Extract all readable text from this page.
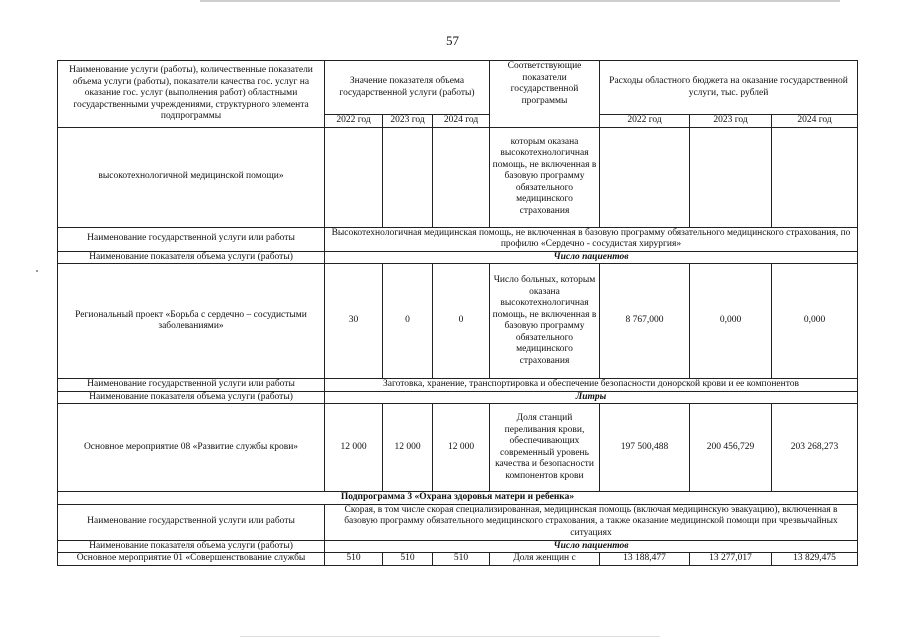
57
Наименование услуги (работы), количественные показатели объема услуги (работы), показатели качества гос. услуг на оказание гос. услуг (выполнения работ) областными государственными учреждениями, структурного элемента подпрограммы	Значение показателя объема государственной услуги (работы)			Соответствующие показатели государственной программы	Расходы областного бюджета на оказание государственной услуги, тыс. рублей		
	2022 год	2023 год	2024 год		2022 год	2023 год	2024 год
высокотехнологичной медицинской помощи»				которым оказана высокотехнологичная помощь, не включенная в базовую программу обязательного медицинского страхования			
Наименование государственной услуги или работы	Высокотехнологичная медицинская помощь, не включенная в базовую программу обязательного медицинского страхования, по профилю «Сердечно - сосудистая хирургия»						
Наименование показателя объема услуги (работы)	Число пациентов						
Региональный проект «Борьба с сердечно – сосудистыми заболеваниями»	30	0	0	Число больных, которым оказана высокотехнологичная помощь, не включенная в базовую программу обязательного медицинского страхования	8 767,000	0,000	0,000
Наименование государственной услуги или работы	Заготовка, хранение, транспортировка и обеспечение безопасности донорской крови и ее компонентов						
Наименование показателя объема услуги (работы)	Литры						
Основное мероприятие 08 «Развитие службы крови»	12 000	12 000	12 000	Доля станций переливания крови, обеспечивающих современный уровень качества и безопасности компонентов крови	197 500,488	200 456,729	203 268,273
Подпрограмма 3 «Охрана здоровья матери и ребенка»							
Наименование государственной услуги или работы	Скорая, в том числе скорая специализированная, медицинская помощь (включая медицинскую эвакуацию), включенная в базовую программу обязательного медицинского страхования, а также оказание медицинской помощи при чрезвычайных ситуациях						
Наименование показателя объема услуги (работы)	Число пациентов						
Основное мероприятие 01 «Совершенствование службы	510	510	510	Доля женщин с	13 188,477	13 277,017	13 829,475
